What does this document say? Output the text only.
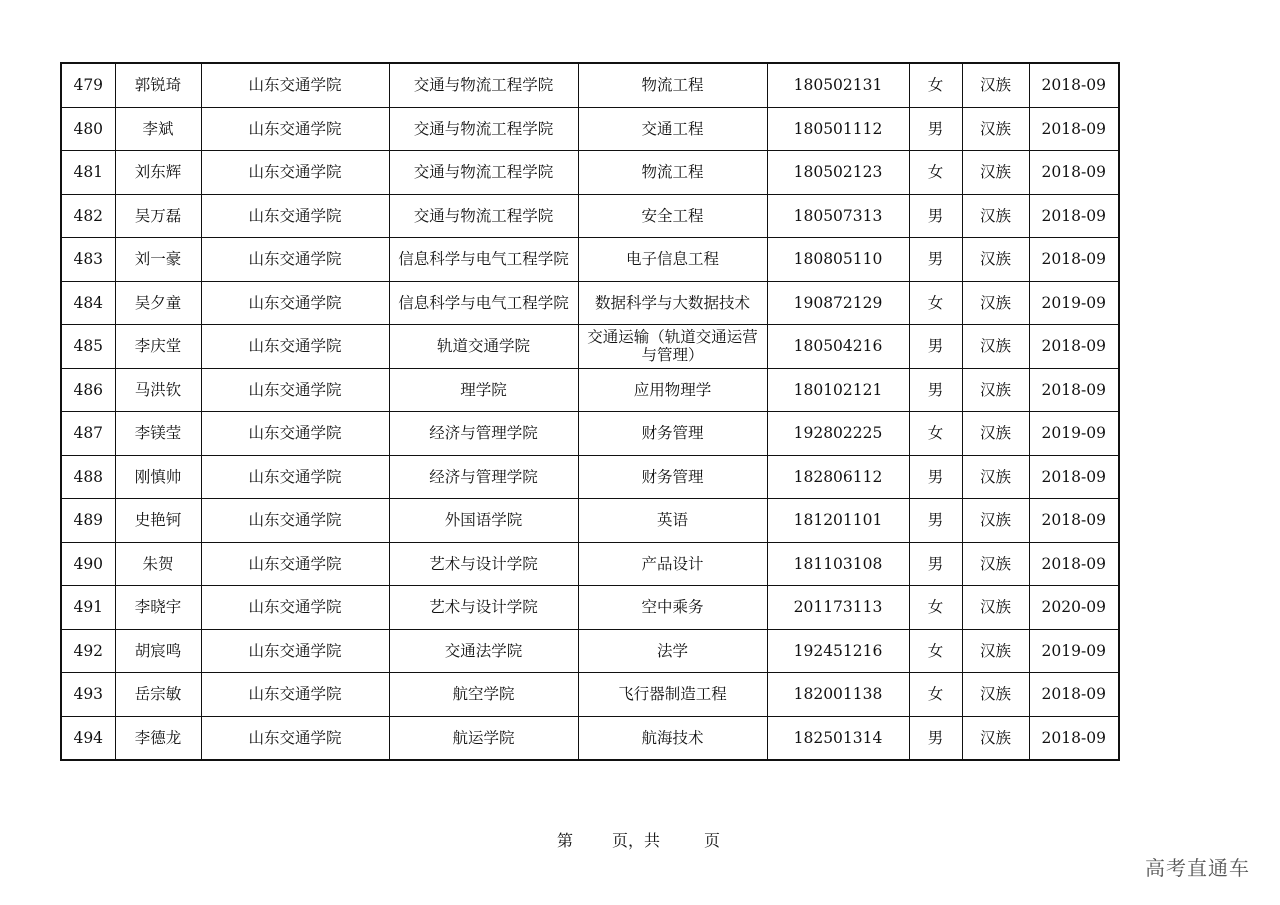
479	郭锐琦	山东交通学院	交通与物流工程学院	物流工程	180502131	女	汉族	2018-09
480	李斌	山东交通学院	交通与物流工程学院	交通工程	180501112	男	汉族	2018-09
481	刘东辉	山东交通学院	交通与物流工程学院	物流工程	180502123	女	汉族	2018-09
482	吴万磊	山东交通学院	交通与物流工程学院	安全工程	180507313	男	汉族	2018-09
483	刘一豪	山东交通学院	信息科学与电气工程学院	电子信息工程	180805110	男	汉族	2018-09
484	吴夕童	山东交通学院	信息科学与电气工程学院	数据科学与大数据技术	190872129	女	汉族	2019-09
485	李庆堂	山东交通学院	轨道交通学院	交通运输（轨道交通运营与管理）	180504216	男	汉族	2018-09
486	马洪钦	山东交通学院	理学院	应用物理学	180102121	男	汉族	2018-09
487	李镁莹	山东交通学院	经济与管理学院	财务管理	192802225	女	汉族	2019-09
488	刚慎帅	山东交通学院	经济与管理学院	财务管理	182806112	男	汉族	2018-09
489	史艳钶	山东交通学院	外国语学院	英语	181201101	男	汉族	2018-09
490	朱贺	山东交通学院	艺术与设计学院	产品设计	181103108	男	汉族	2018-09
491	李晓宇	山东交通学院	艺术与设计学院	空中乘务	201173113	女	汉族	2020-09
492	胡宸鸣	山东交通学院	交通法学院	法学	192451216	女	汉族	2019-09
493	岳宗敏	山东交通学院	航空学院	飞行器制造工程	182001138	女	汉族	2018-09
494	李德龙	山东交通学院	航运学院	航海技术	182501314	男	汉族	2018-09
第 页，共	页
高考直通车
